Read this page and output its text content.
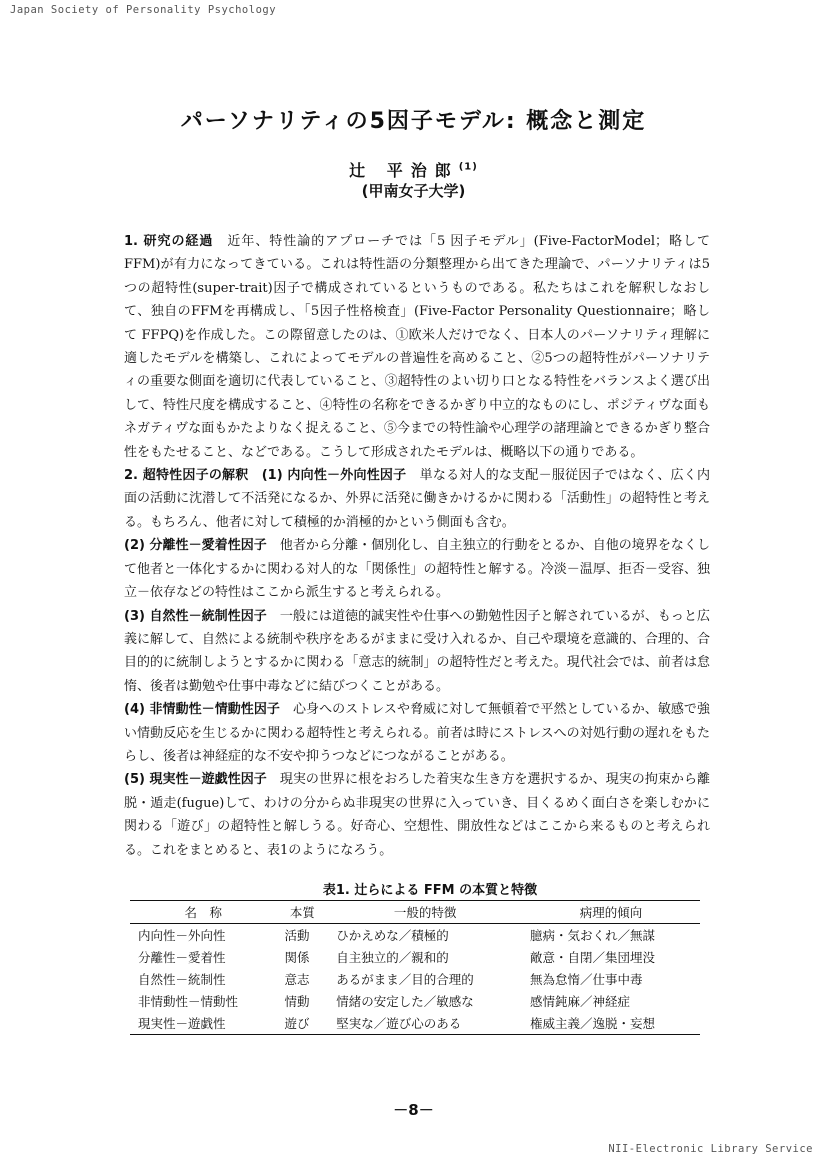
Japan Society of Personality Psychology
パーソナリティの5因子モデル: 概念と測定
辻 平治郎$^{(1)}$
(甲南女子大学)

1. 研究の経過　 近年、特性論的アプローチでは「5 因子モデル」(Five-FactorModel；略して FFM)が有力になってきている。これは特性語の分類整理から出てきた理論で、パーソナリティは5つの超特性(super-trait)因子で構成されているというものである。私たちはこれを解釈しなおして、独自のFFMを再構成し、「5因子性格検査」(Five-Factor Personality Questionnaire；略して FFPQ)を作成した。この際留意したのは、①欧米人だけでなく、日本人のパーソナリティ理解に適したモデルを構築し、これによってモデルの普遍性を高めること、②5つの超特性がパーソナリティの重要な側面を適切に代表していること、③超特性のよい切り口となる特性をバランスよく選び出して、特性尺度を構成すること、④特性の名称をできるかぎり中立的なものにし、ポジティヴな面もネガティヴな面もかたよりなく捉えること、⑤今までの特性論や心理学の諸理論とできるかぎり整合性をもたせること、などである。こうして形成されたモデルは、概略以下の通りである。

2. 超特性因子の解釈　(1) 内向性－外向性因子　 単なる対人的な支配－服従因子ではなく、広く内面の活動に沈潜して不活発になるか、外界に活発に働きかけるかに関わる「活動性」の超特性と考える。もちろん、他者に対して積極的か消極的かという側面も含む。

(2) 分離性－愛着性因子　 他者から分離・個別化し、自主独立的行動をとるか、自他の境界をなくして他者と一体化するかに関わる対人的な「関係性」の超特性と解する。冷淡－温厚、拒否－受容、独立－依存などの特性はここから派生すると考えられる。

(3) 自然性－統制性因子　 一般には道徳的誠実性や仕事への勤勉性因子と解されているが、もっと広義に解して、自然による統制や秩序をあるがままに受け入れるか、自己や環境を意識的、合理的、合目的的に統制しようとするかに関わる「意志的統制」の超特性だと考えた。現代社会では、前者は怠惰、後者は勤勉や仕事中毒などに結びつくことがある。

(4) 非情動性－情動性因子　 心身へのストレスや脅威に対して無頓着で平然としているか、敏感で強い情動反応を生じるかに関わる超特性と考えられる。前者は時にストレスへの対処行動の遅れをもたらし、後者は神経症的な不安や抑うつなどにつながることがある。

(5) 現実性－遊戯性因子　 現実の世界に根をおろした着実な生き方を選択するか、現実の拘束から離脱・遁走(fugue)して、わけの分からぬ非現実の世界に入っていき、目くるめく面白さを楽しむかに関わる「遊び」の超特性と解しうる。好奇心、空想性、開放性などはここから来るものと考えられる。これをまとめると、表1のようになろう。

表1. 辻らによる FFM の本質と特徴
名　称	本質	一般的特徴	病理的傾向
内向性－外向性	活動	ひかえめな／積極的	臆病・気おくれ／無謀
分離性－愛着性	関係	自主独立的／親和的	敵意・自閉／集団埋没
自然性－統制性	意志	あるがまま／目的合理的	無為怠惰／仕事中毒
非情動性－情動性	情動	情緒の安定した／敏感な	感情鈍麻／神経症
現実性－遊戯性	遊び	堅実な／遊び心のある	権威主義／逸脱・妄想
－8－
NII-Electronic Library Service
